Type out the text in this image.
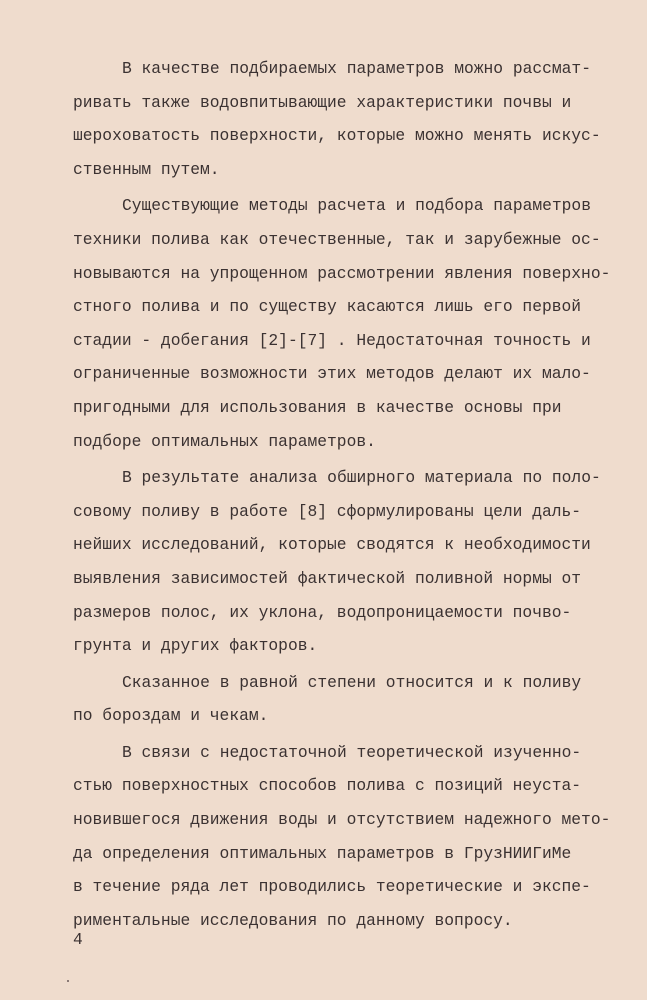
В качестве подбираемых параметров можно рассмат-
ривать также водовпитывающие характеристики почвы и
шероховатость поверхности, которые можно менять искус-
ственным путем.
Существующие методы расчета и подбора параметров
техники полива как отечественные, так и зарубежные ос-
новываются на упрощенном рассмотрении явления поверхно-
стного полива и по существу касаются лишь его первой
стадии - добегания [2]-[7] . Недостаточная точность и
ограниченные возможности этих методов делают их мало-
пригодными для использования в качестве основы при
подборе оптимальных параметров.
В результате анализа обширного материала по поло-
совому поливу в работе [8] сформулированы цели даль-
нейших исследований, которые сводятся к необходимости
выявления зависимостей фактической поливной нормы от
размеров полос, их уклона, водопроницаемости почво-
грунта и других факторов.
Сказанное в равной степени относится и к поливу
по бороздам и чекам.
В связи с недостаточной теоретической изученно-
стью поверхностных способов полива с позиций неуста-
новившегося движения воды и отсутствием надежного мето-
да определения оптимальных параметров в ГрузНИИГиМе
в течение ряда лет проводились теоретические и экспе-
риментальные исследования по данному вопросу.
4
